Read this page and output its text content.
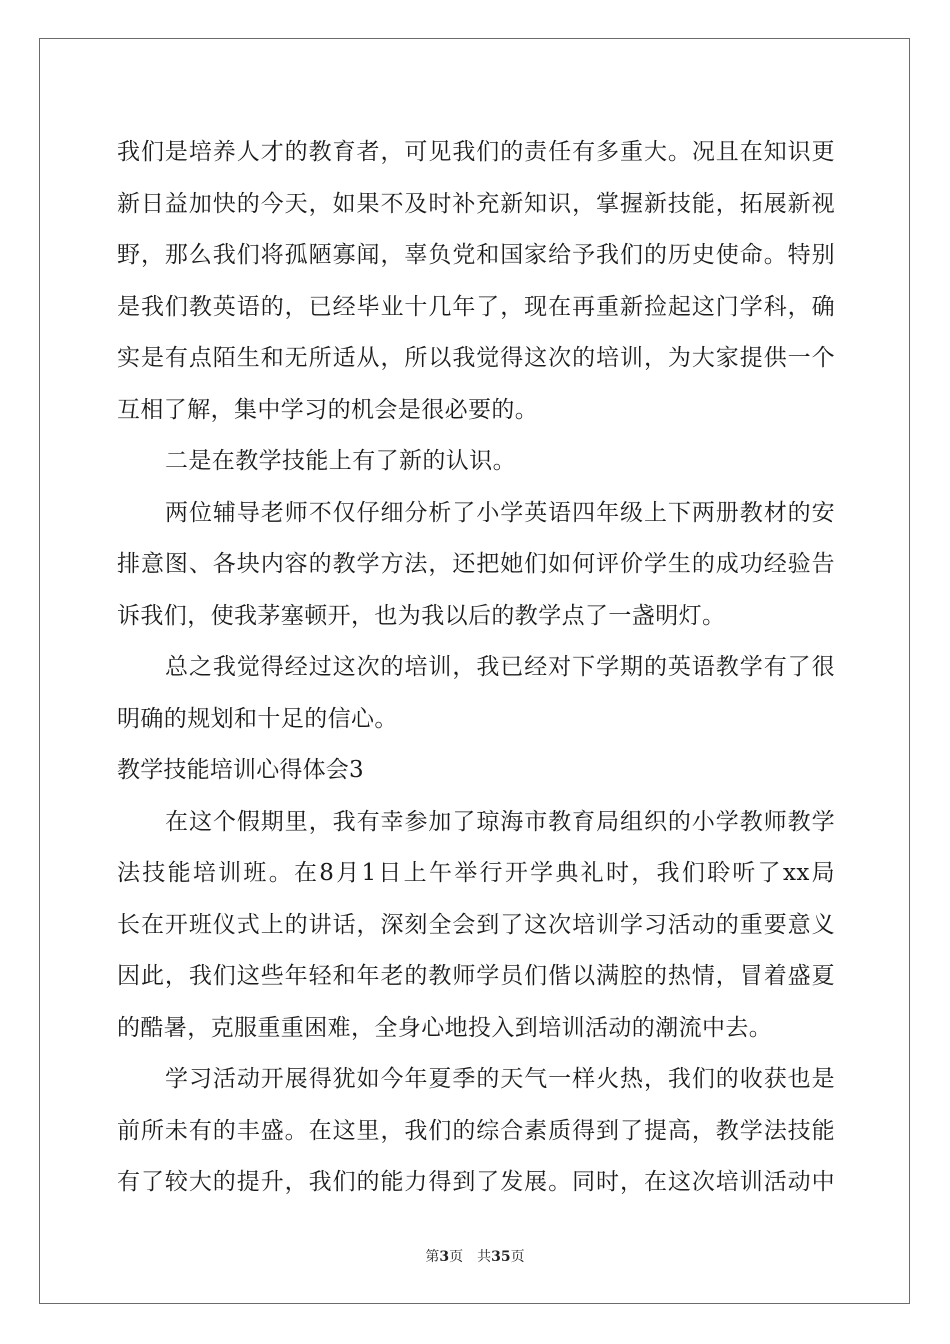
我们是培养人才的教育者，可见我们的责任有多重大。况且在知识更
新日益加快的今天，如果不及时补充新知识，掌握新技能，拓展新视
野，那么我们将孤陋寡闻，辜负党和国家给予我们的历史使命。特别
是我们教英语的，已经毕业十几年了，现在再重新捡起这门学科，确
实是有点陌生和无所适从，所以我觉得这次的培训，为大家提供一个
互相了解，集中学习的机会是很必要的。
二是在教学技能上有了新的认识。
两位辅导老师不仅仔细分析了小学英语四年级上下两册教材的安
排意图、各块内容的教学方法，还把她们如何评价学生的成功经验告
诉我们，使我茅塞顿开，也为我以后的教学点了一盏明灯。
总之我觉得经过这次的培训，我已经对下学期的英语教学有了很
明确的规划和十足的信心。
教学技能培训心得体会3
在这个假期里，我有幸参加了琼海市教育局组织的小学教师教学
法技能培训班。在8月1日上午举行开学典礼时，我们聆听了xx局
长在开班仪式上的讲话，深刻全会到了这次培训学习活动的重要意义
因此，我们这些年轻和年老的教师学员们偕以满腔的热情，冒着盛夏
的酷暑，克服重重困难，全身心地投入到培训活动的潮流中去。
学习活动开展得犹如今年夏季的天气一样火热，我们的收获也是
前所未有的丰盛。在这里，我们的综合素质得到了提高，教学法技能
有了较大的提升，我们的能力得到了发展。同时，在这次培训活动中
第3页 共35页
